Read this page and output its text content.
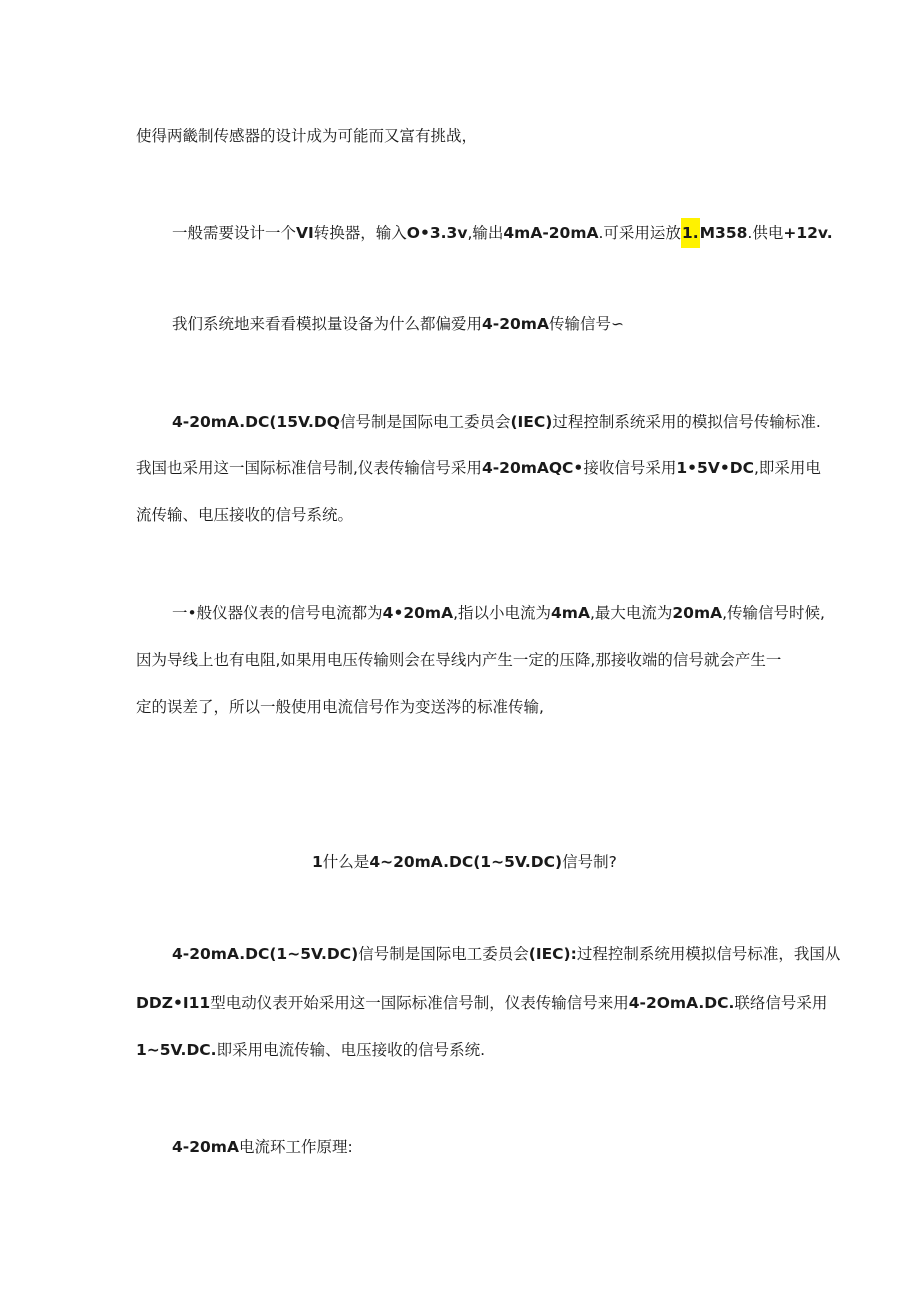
使得两畿制传感器的设计成为可能而又富有挑战，
一般需要设计一个VI转换器，输入O•3.3v,输出4mA-20mA.可采用运放1.M358.供电+12v.
我们系统地来看看模拟量设备为什么都偏爱用4-20mA传输信号∽
4-20mA.DC(15V.DQ信号制是国际电工委员会(IEC)过程控制系统采用的模拟信号传输标准.
我国也采用这一国际标准信号制,仪表传输信号采用4-20mAQC•接收信号采用1•5V•DC,即采用电
流传输、电压接收的信号系统。
一•般仪器仪表的信号电流都为4•20mA,指以小电流为4mA,最大电流为20mA,传输信号时候,
因为导线上也有电阻,如果用电压传输则会在导线内产生一定的压降,那接收端的信号就会产生一
定的误差了，所以一般使用电流信号作为变送涔的标准传输,
1什么是4~20mA.DC(1~5V.DC)信号制?
4-20mA.DC(1~5V.DC)信号制是国际电工委员会(IEC):过程控制系统用模拟信号标准，我国从
DDZ•I11型电动仪表开始采用这一国际标准信号制，仪表传输信号来用4-2OmA.DC.联络信号采用
1~5V.DC.即采用电流传输、电压接收的信号系统.
4-20mA电流环工作原理:
